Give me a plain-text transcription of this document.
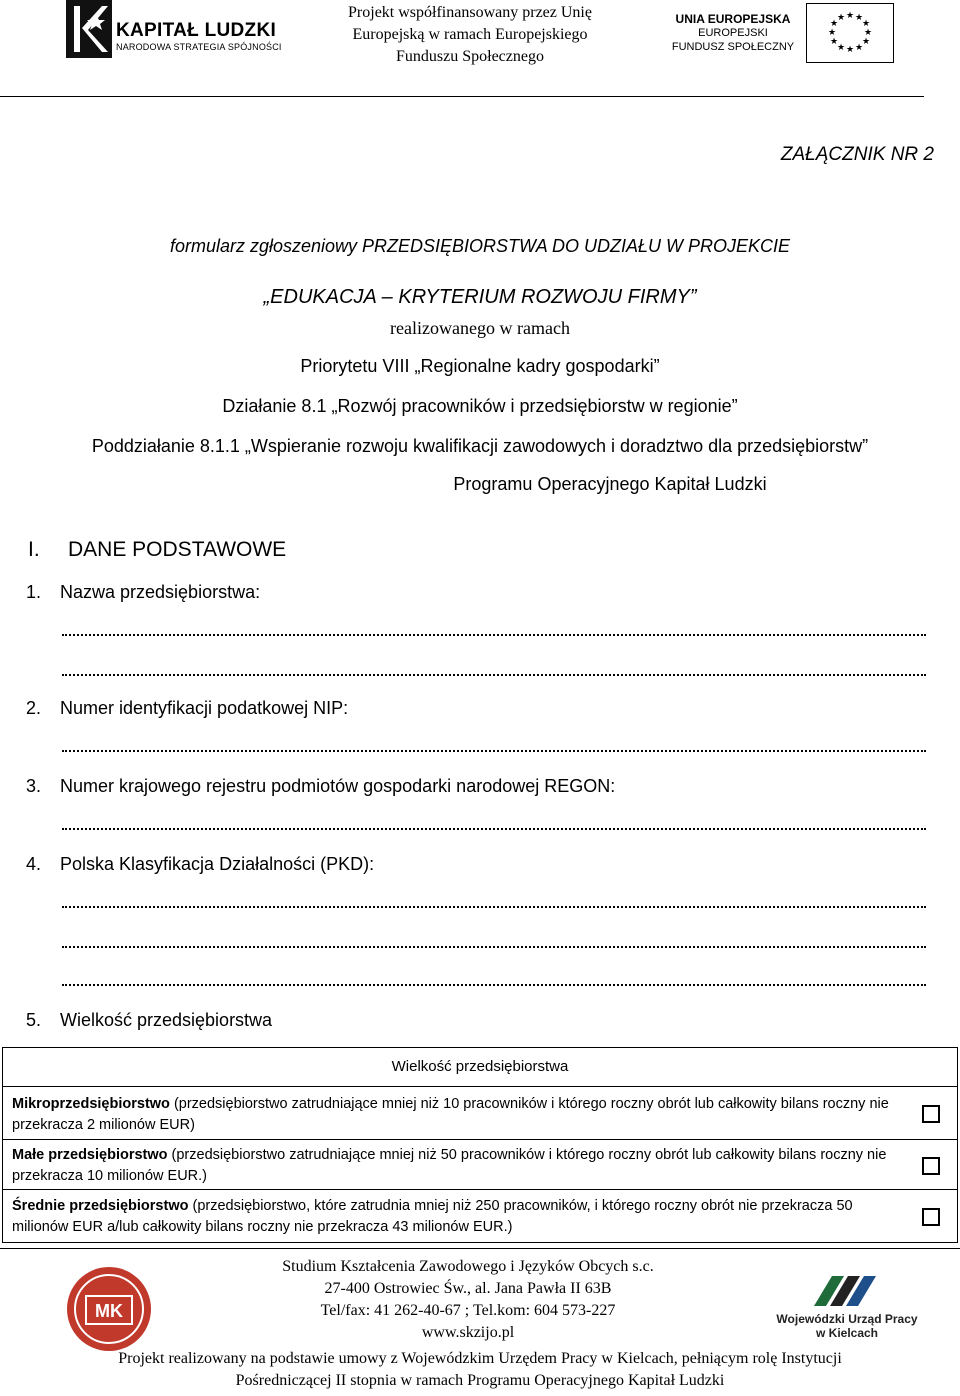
KAPITAŁ LUDZKI
NARODOWA STRATEGIA SPÓJNOŚCI
Projekt współfinansowany przez Unię
Europejską w ramach Europejskiego
Funduszu Społecznego
UNIA EUROPEJSKA
EUROPEJSKI
FUNDUSZ SPOŁECZNY
★ ★
★
★
★
★
★
★
★
★
★
★
ZAŁĄCZNIK NR 2
formularz zgłoszeniowy PRZEDSIĘBIORSTWA DO UDZIAŁU W PROJEKCIE
„EDUKACJA – KRYTERIUM ROZWOJU FIRMY”
realizowanego w ramach
Priorytetu VIII „Regionalne kadry gospodarki”
Działanie 8.1 „Rozwój pracowników i przedsiębiorstw w regionie”
Poddziałanie 8.1.1 „Wspieranie rozwoju kwalifikacji zawodowych i doradztwo dla przedsiębiorstw”
Programu Operacyjnego Kapitał Ludzki
I. DANE PODSTAWOWE
1. Nazwa przedsiębiorstwa:
2. Numer identyfikacji podatkowej NIP:
3. Numer krajowego rejestru podmiotów gospodarki narodowej REGON:
4. Polska Klasyfikacja Działalności (PKD):
5. Wielkość przedsiębiorstwa
Wielkość przedsiębiorstwa
Mikroprzedsiębiorstwo (przedsiębiorstwo zatrudniające mniej niż 10 pracowników i którego roczny obrót lub całkowity bilans roczny nie przekracza 2 milionów EUR)
Małe przedsiębiorstwo (przedsiębiorstwo zatrudniające mniej niż 50 pracowników i którego roczny obrót lub całkowity bilans roczny nie przekracza 10 milionów EUR.)
Średnie przedsiębiorstwo (przedsiębiorstwo, które zatrudnia mniej niż 250 pracowników, i którego roczny obrót nie przekracza 50 milionów EUR a/lub całkowity bilans roczny nie przekracza 43 milionów EUR.)
MK
Studium Kształcenia Zawodowego i Języków Obcych s.c.
27-400 Ostrowiec Św., al. Jana Pawła II 63B
Tel/fax: 41 262-40-67 ; Tel.kom: 604 573-227
www.skzijo.pl
Wojewódzki Urząd Pracy
w Kielcach
Projekt realizowany na podstawie umowy z Wojewódzkim Urzędem Pracy w Kielcach, pełniącym rolę Instytucji
Pośredniczącej II stopnia w ramach Programu Operacyjnego Kapitał Ludzki
